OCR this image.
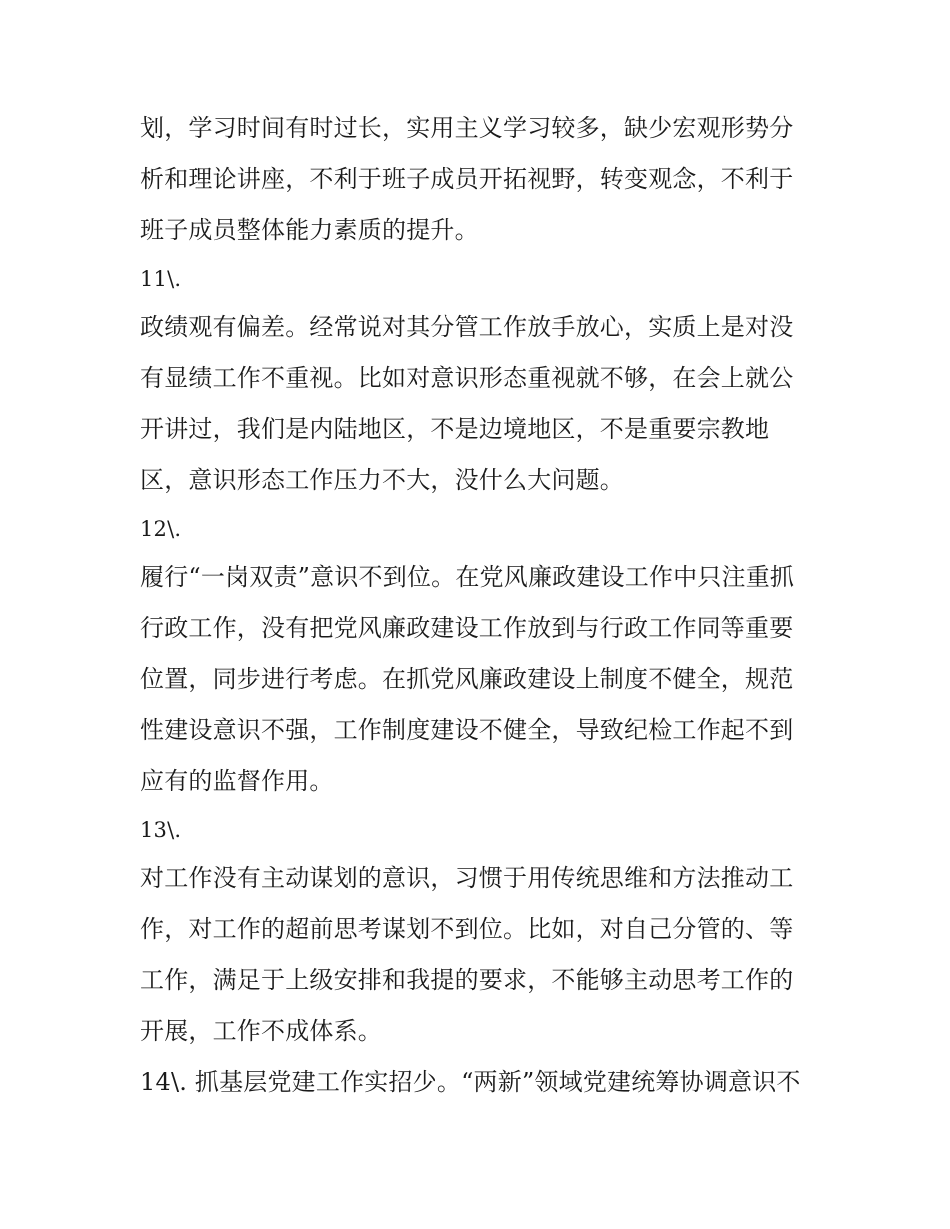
划，学习时间有时过长，实用主义学习较多，缺少宏观形势分
析和理论讲座，不利于班子成员开拓视野，转变观念，不利于
班子成员整体能力素质的提升。
11\.
政绩观有偏差。经常说对其分管工作放手放心，实质上是对没
有显绩工作不重视。比如对意识形态重视就不够，在会上就公
开讲过，我们是内陆地区，不是边境地区，不是重要宗教地
区，意识形态工作压力不大，没什么大问题。
12\.
履行“一岗双责”意识不到位。在党风廉政建设工作中只注重抓
行政工作，没有把党风廉政建设工作放到与行政工作同等重要
位置，同步进行考虑。在抓党风廉政建设上制度不健全，规范
性建设意识不强，工作制度建设不健全，导致纪检工作起不到
应有的监督作用。
13\.
对工作没有主动谋划的意识，习惯于用传统思维和方法推动工
作，对工作的超前思考谋划不到位。比如，对自己分管的、等
工作，满足于上级安排和我提的要求，不能够主动思考工作的
开展，工作不成体系。
14\. 抓基层党建工作实招少。“两新”领域党建统筹协调意识不
